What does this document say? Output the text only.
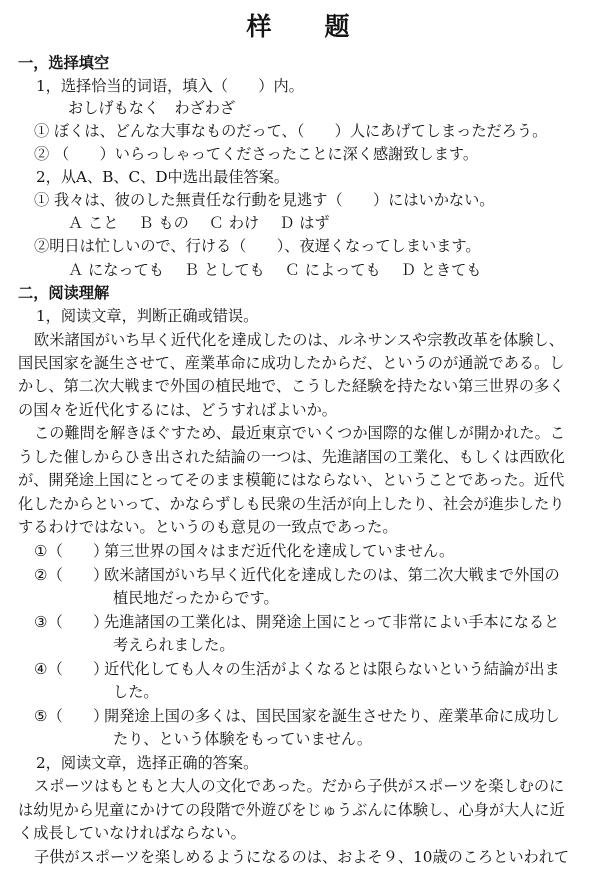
样　题
一，选择填空
1，选择恰当的词语，填入（　　）内。
おしげもなく　わざわざ
① ぼくは、どんな大事なものだって、（　　）人にあげてしまっただろう。
② （　　）いらっしゃってくださったことに深く感謝致します。
2，从A、B、C、D中选出最佳答案。
① 我々は、彼のした無責任な行動を見逃す（　　）にはいかない。
Ａ こと　 Ｂ もの　 Ｃ わけ　 Ｄ はず
②明日は忙しいので、行ける（　　）、夜遅くなってしまいます。
Ａ になっても　 Ｂ としても　 Ｃ によっても　 Ｄ ときても
二，阅读理解
1，阅读文章，判断正确或错误。
欧米諸国がいち早く近代化を達成したのは、ルネサンスや宗教改革を体験し、
国民国家を誕生させて、産業革命に成功したからだ、というのが通説である。し
かし、第二次大戦まで外国の植民地で、こうした経験を持たない第三世界の多く
の国々を近代化するには、どうすればよいか。
この難問を解きほぐすため、最近東京でいくつか国際的な催しが開かれた。こ
うした催しからひき出された結論の一つは、先進諸国の工業化、もしくは西欧化
が、開発途上国にとってそのまま模範にはならない、ということであった。近代
化したからといって、かならずしも民衆の生活が向上したり、社会が進歩したり
するわけではない。というのも意見の一致点であった。
①（　　）
第三世界の国々はまだ近代化を達成していません。
②（　　）
欧米諸国がいち早く近代化を達成したのは、第二次大戦まで外国の
植民地だったからです。
③（　　）
先進諸国の工業化は、開発途上国にとって非常によい手本になると
考えられました。
④（　　）
近代化しても人々の生活がよくなるとは限らないという結論が出ま
した。
⑤（　　）
開発途上国の多くは、国民国家を誕生させたり、産業革命に成功し
たり、という体験をもっていません。
2，阅读文章，选择正确的答案。
スポーツはもともと大人の文化であった。だから子供がスポーツを楽しむのに
は幼児から児童にかけての段階で外遊びをじゅうぶんに体験し、心身が大人に近
く成長していなければならない。
子供がスポーツを楽しめるようになるのは、およそ９、10歳のころといわれて
